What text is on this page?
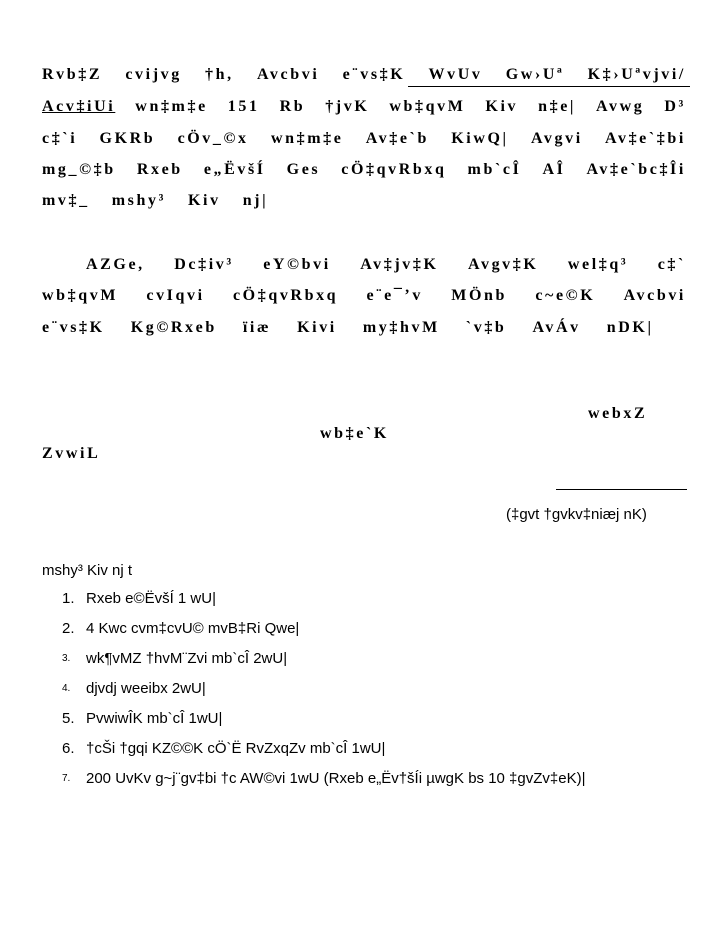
Rvb‡Z cvijvg †h, Avcbvi e¨vs‡K WvUv Gw›Uª K‡›Uªvjvi/
Acv‡iUi wn‡m‡e 151 Rb †jvK wb‡qvM Kiv n‡e| Avwg D³
c‡`i GKRb cÖv_©x wn‡m‡e Av‡e`b KiwQ| Avgvi Av‡e`‡bi
mg_©‡b Rxeb e„ËvšÍ Ges cÖ‡qvRbxq mb`cÎ AÎ Av‡e`bc‡Îi
mv‡_ mshy³ Kiv nj|
AZGe, Dc‡iv³ eY©bvi Av‡jv‡K Avgv‡K wel‡q³ c‡`
wb‡qvM cvIqvi cÖ‡qvRbxq e¨e¯’v MÖnb c~e©K Avcbvi
e¨vs‡K Kg©Rxeb ïiæ Kivi my‡hvM `v‡b AvÁv nDK|
webxZ
wb‡e`K
ZvwiL
(‡gvt †gvkv‡niæj nK)
mshy³ Kiv nj t
1. Rxeb e©ËvšÍ 1 wU|
2. 4 Kwc cvm‡cvU© mvB‡Ri Qwe|
3.	wk¶vMZ †hvM¨Zvi mb`cÎ 2wU|
4.	djvdj weeibx 2wU|
5. PvwiwÎK mb`cÎ 1wU|
6. †cŠi †gqi KZ©©K cÖ`Ë RvZxqZv mb`cÎ 1wU|
7.	200 UvKv g~j¨gv‡bi †c AW©vi 1wU (Rxeb e„Ëv†šÍi µwgK bs 10 ‡gvZv‡eK)|
